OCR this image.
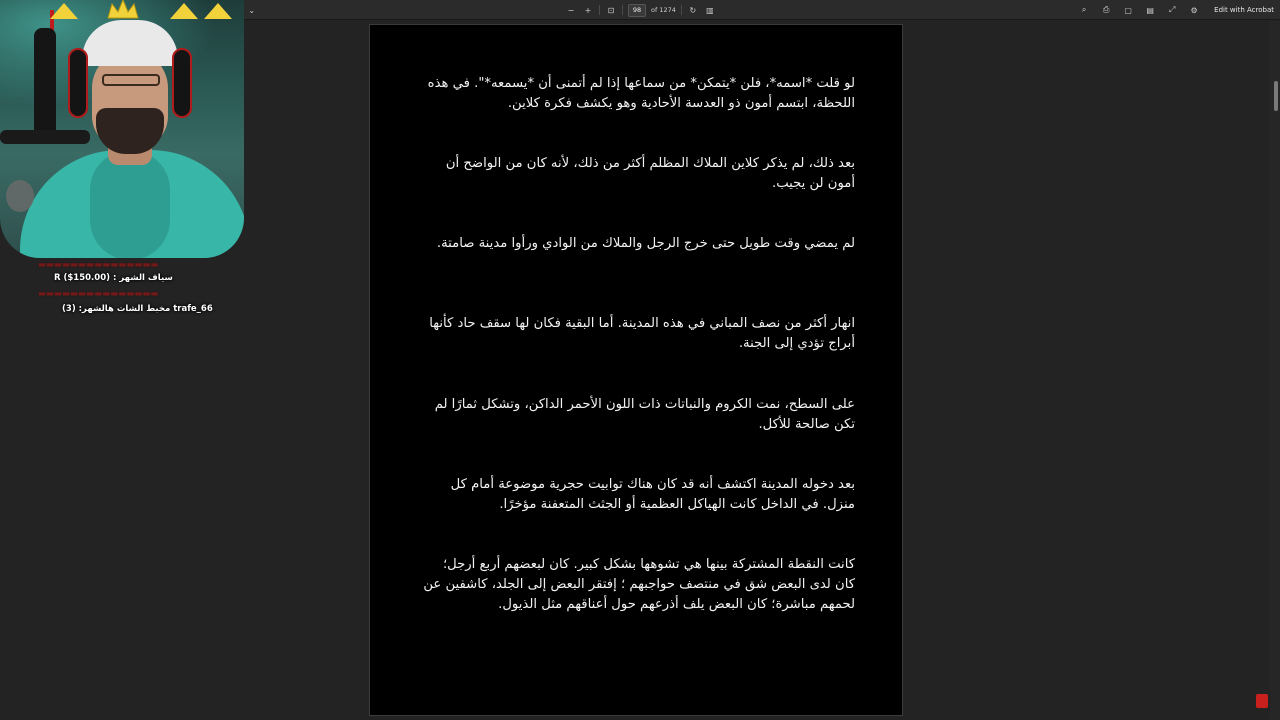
⌄	−	+	⊡	98	of 1274	↻	▥	⌕	⎙	▢ ▤	⤢	⚙	Edit with Acrobat
لو قلت *اسمه*، فلن *يتمكن* من سماعها إذا لم أتمنى أن *يسمعه*". في هذه اللحظة، ابتسم أمون ذو العدسة الأحادية وهو يكشف فكرة كلاين.
بعد ذلك، لم يذكر كلاين الملاك المظلم أكثر من ذلك، لأنه كان من الواضح أن أمون لن يجيب.
لم يمضي وقت طويل حتى خرج الرجل والملاك من الوادي ورأوا مدينة صامتة.
انهار أكثر من نصف المباني في هذه المدينة. أما البقية فكان لها سقف حاد كأنها أبراج تؤدي إلى الجنة.
على السطح، نمت الكروم والنباتات ذات اللون الأحمر الداكن، وتشكل ثمارًا لم تكن صالحة للأكل.
بعد دخوله المدينة اكتشف أنه قد كان هناك توابيت حجرية موضوعة أمام كل منزل. في الداخل كانت الهياكل العظمية أو الجثث المتعفنة مؤخرًا.
كانت النقطة المشتركة بينها هي تشوهها بشكل كبير. كان لبعضهم أربع أرجل؛ كان لدى البعض شق في منتصف حواجبهم ؛ إفتقر البعض إلى الجلد، كاشفين عن لحمهم مباشرة؛ كان البعض يلف أذرعهم حول أعناقهم مثل الذيول.
▬▬▬▬▬▬▬▬▬▬▬▬▬▬▬
R ($150.00) : سياف الشهر
▬▬▬▬▬▬▬▬▬▬▬▬▬▬▬
مخبط الشات هالشهر: (3) trafe_66
